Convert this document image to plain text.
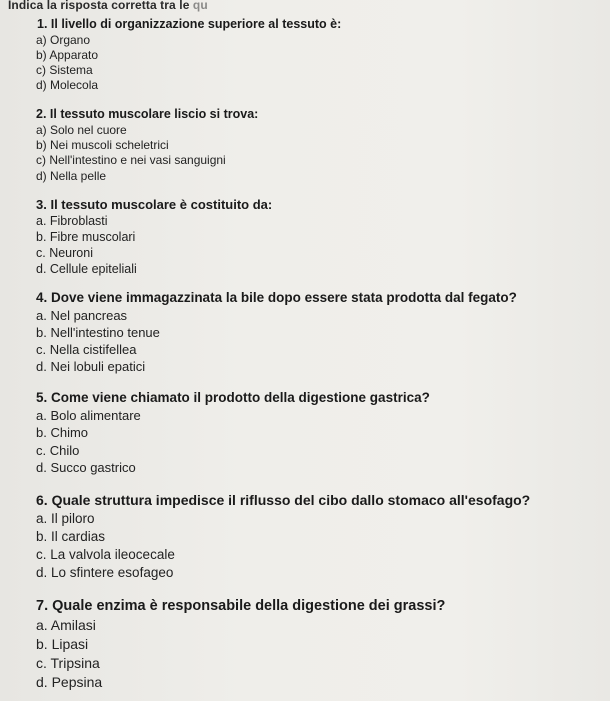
Indica la risposta corretta tra le qu
1. Il livello di organizzazione superiore al tessuto è:
a) Organo
b) Apparato
c) Sistema
d) Molecola
2. Il tessuto muscolare liscio si trova:
a) Solo nel cuore
b) Nei muscoli scheletrici
c) Nell'intestino e nei vasi sanguigni
d) Nella pelle
3. Il tessuto muscolare è costituito da:
a. Fibroblasti
b. Fibre muscolari
c. Neuroni
d. Cellule epiteliali
4. Dove viene immagazzinata la bile dopo essere stata prodotta dal fegato?
a. Nel pancreas
b. Nell'intestino tenue
c. Nella cistifellea
d. Nei lobuli epatici
5. Come viene chiamato il prodotto della digestione gastrica?
a. Bolo alimentare
b. Chimo
c. Chilo
d. Succo gastrico
6. Quale struttura impedisce il riflusso del cibo dallo stomaco all'esofago?
a. Il piloro
b. Il cardias
c. La valvola ileocecale
d. Lo sfintere esofageo
7. Quale enzima è responsabile della digestione dei grassi?
a. Amilasi
b. Lipasi
c. Tripsina
d. Pepsina
